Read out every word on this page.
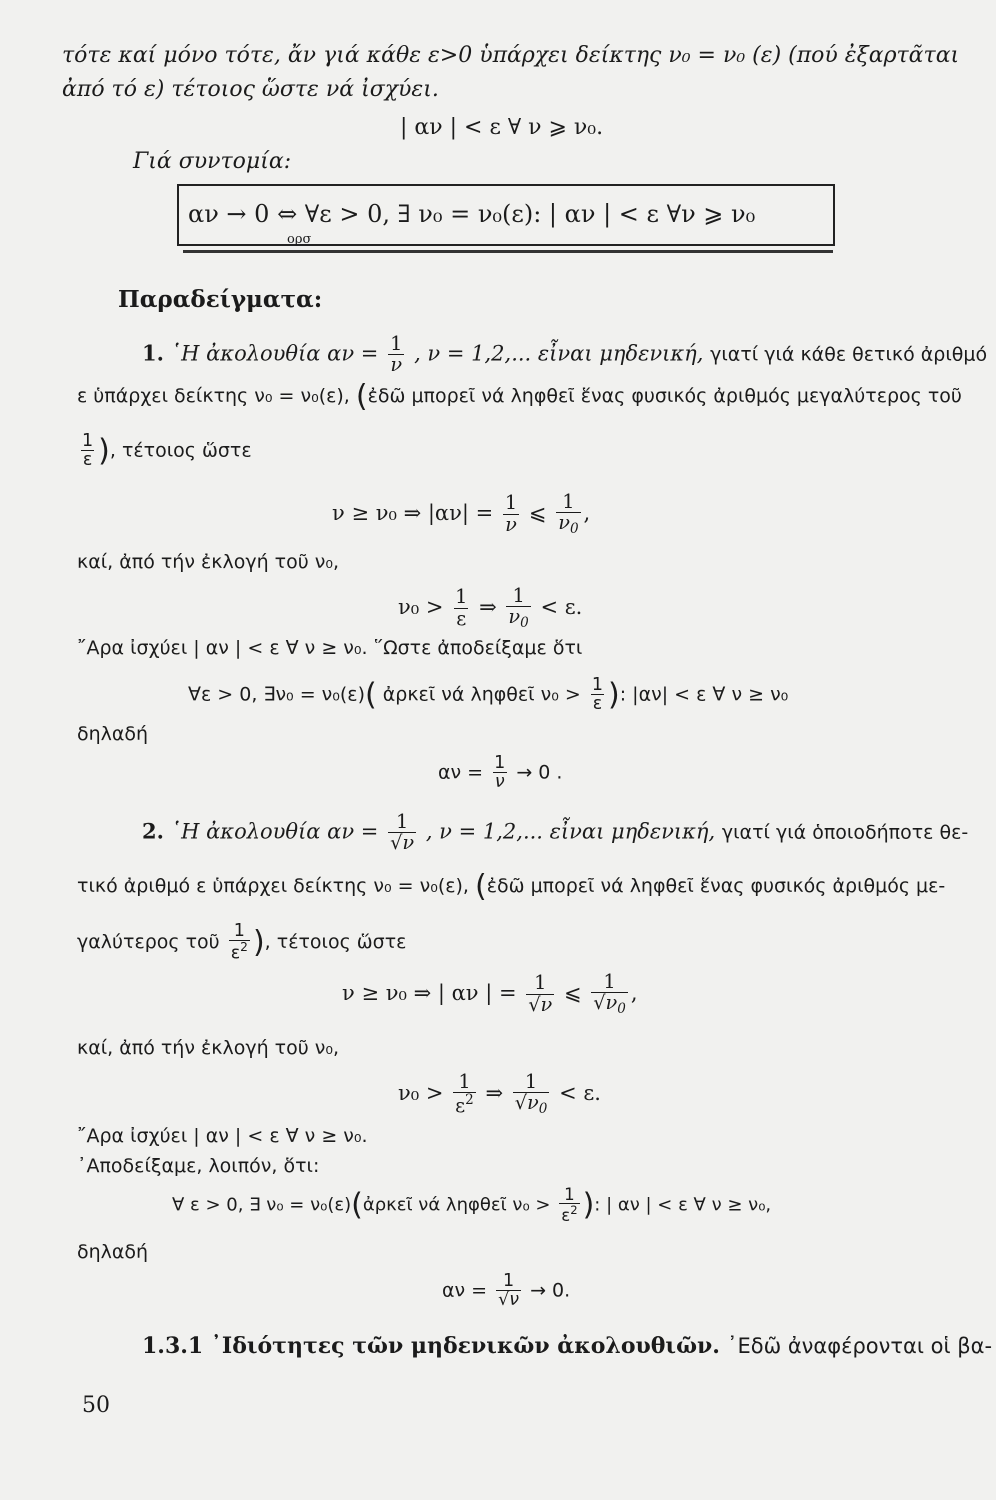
τότε καί μόνο τότε, ἄν γιά κάθε ε>0 ὑπάρχει δείκτης ν₀ = ν₀ (ε) (πού ἐξαρτᾶται
ἀπό τό ε) τέτοιος ὥστε νά ἰσχύει.
| αν | < ε ∀ ν ⩾ ν₀.
Γιά συντομία:
αν → 0 ⇔ ∀ε > 0, ∃ ν₀ = ν₀(ε): | αν | < ε ∀ν ⩾ ν₀
ορσ
Παραδείγματα:
1. ῾Η ἀκολουθία $\alpha\nu = \frac{1}{\nu}$ , ν = 1,2,... εἶναι μηδενική, γιατί γιά κάθε θετικό ἀριθμό
ε ὑπάρχει δείκτης ν₀ = ν₀(ε), (ἐδῶ μπορεῖ νά ληφθεῖ ἕνας φυσικός ἀριθμός μεγαλύτερος τοῦ
$\frac{1}{\varepsilon}$ ), τέτοιος ὥστε
ν ≥ ν₀ ⇒ $|\alpha\nu| = \frac{1}{\nu}$ ⩽ $\frac{1}{\nu_0}$ ,
καί, ἀπό τήν ἐκλογή τοῦ ν₀,
$\nu_0 > \frac{1}{\varepsilon}$ ⇒ $\frac{1}{\nu_0} < \varepsilon$.
῎Αρα ἰσχύει | αν | < ε ∀ ν ≥ ν₀. ῞Ωστε ἀποδείξαμε ὅτι
∀ε > 0, ∃ν₀ = ν₀(ε)( ἀρκεῖ νά ληφθεῖ $\nu_0 > \frac{1}{\varepsilon}$ ): |αν| < ε ∀ ν ≥ ν₀
δηλαδή
$\alpha\nu = \frac{1}{\nu} \to 0$ .
2. ῾Η ἀκολουθία $\alpha\nu = \frac{1}{√\nu}$ , ν = 1,2,... εἶναι μηδενική, γιατί γιά ὁποιοδήποτε θε-
τικό ἀριθμό ε ὑπάρχει δείκτης ν₀ = ν₀(ε), (ἐδῶ μπορεῖ νά ληφθεῖ ἕνας φυσικός ἀριθμός με-
γαλύτερος τοῦ $\frac{1}{\varepsilon^2}$ ), τέτοιος ὥστε
ν ≥ ν₀ ⇒ | αν | = $\frac{1}{√\nu}$ ⩽ $\frac{1}{√\nu_0}$ ,
καί, ἀπό τήν ἐκλογή τοῦ ν₀,
$\nu_0 > \frac{1}{\varepsilon^2}$ ⇒ $\frac{1}{√\nu_0} < \varepsilon$.
῎Αρα ἰσχύει | αν | < ε ∀ ν ≥ ν₀.
᾿Αποδείξαμε, λοιπόν, ὅτι:
∀ ε > 0, ∃ ν₀ = ν₀(ε)(ἀρκεῖ νά ληφθεῖ $\nu_0 > \frac{1}{\varepsilon^2}$ ): | αν | < ε ∀ ν ≥ ν₀,
δηλαδή
$\alpha\nu = \frac{1}{√\nu} \to 0$.
1.3.1 ᾿Ιδιότητες τῶν μηδενικῶν ἀκολουθιῶν. ᾿Εδῶ ἀναφέρονται οἱ βα-
50
